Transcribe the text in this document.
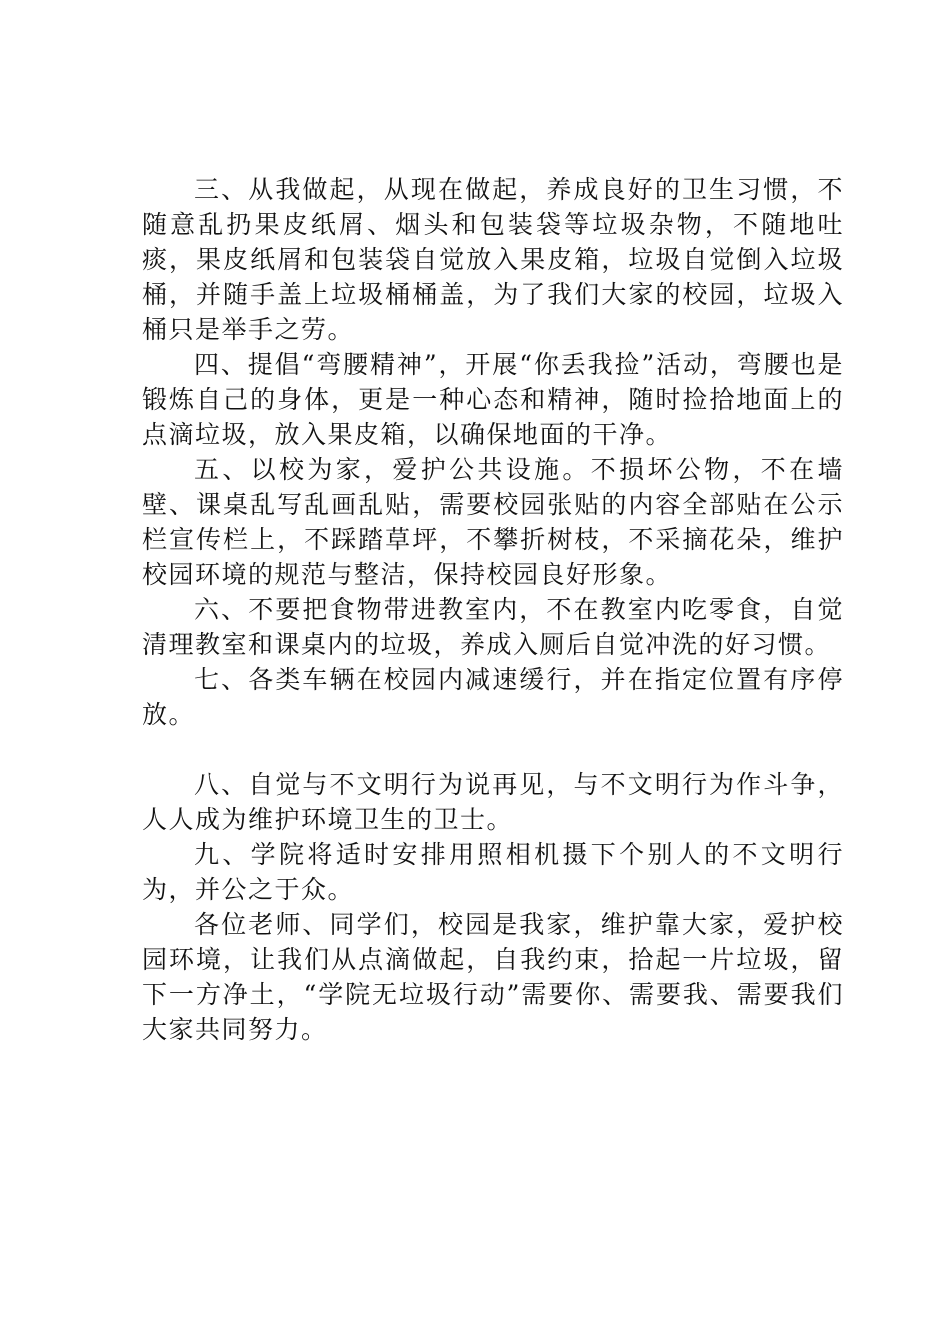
三、从我做起，从现在做起，养成良好的卫生习惯，不随意乱扔果皮纸屑、烟头和包装袋等垃圾杂物，不随地吐痰，果皮纸屑和包装袋自觉放入果皮箱，垃圾自觉倒入垃圾桶，并随手盖上垃圾桶桶盖，为了我们大家的校园，垃圾入桶只是举手之劳。

四、提倡“弯腰精神”，开展“你丢我捡”活动，弯腰也是锻炼自己的身体，更是一种心态和精神，随时捡拾地面上的点滴垃圾，放入果皮箱，以确保地面的干净。

五、以校为家，爱护公共设施。不损坏公物，不在墙壁、课桌乱写乱画乱贴，需要校园张贴的内容全部贴在公示栏宣传栏上，不踩踏草坪，不攀折树枝，不采摘花朵，维护校园环境的规范与整洁，保持校园良好形象。

六、不要把食物带进教室内，不在教室内吃零食，自觉清理教室和课桌内的垃圾，养成入厕后自觉冲洗的好习惯。

七、各类车辆在校园内减速缓行，并在指定位置有序停放。

八、自觉与不文明行为说再见，与不文明行为作斗争，人人成为维护环境卫生的卫士。

九、学院将适时安排用照相机摄下个别人的不文明行为，并公之于众。

各位老师、同学们，校园是我家，维护靠大家，爱护校园环境，让我们从点滴做起，自我约束，拾起一片垃圾，留下一方净土，“学院无垃圾行动”需要你、需要我、需要我们大家共同努力。
